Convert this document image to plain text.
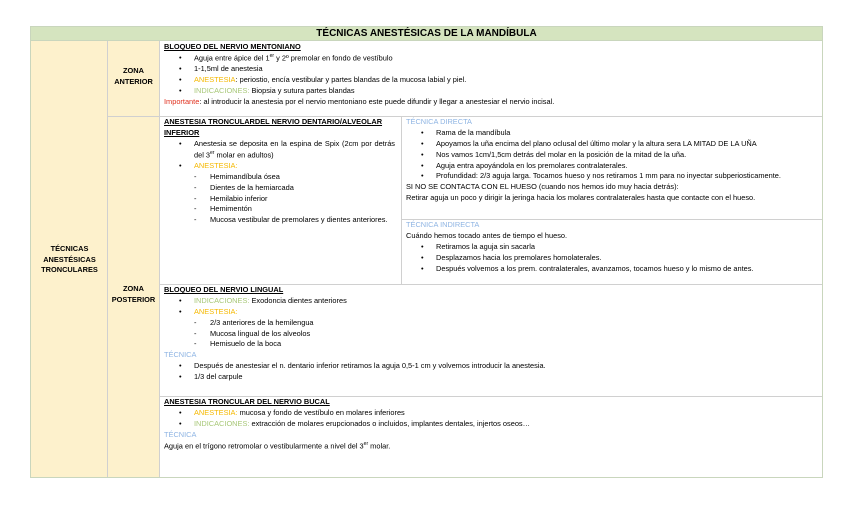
TÉCNICAS ANESTÉSICAS DE LA MANDÍBULA
TÉCNICAS
ANESTÉSICAS
TRONCULARES
ZONA
ANTERIOR
ZONA
POSTERIOR
BLOQUEO DEL NERVIO MENTONIANO
• Aguja entre ápice del 1er y 2º premolar en fondo de vestíbulo
• 1-1,5ml de anestesia
• ANESTESIA: periostio, encía vestibular y partes blandas de la mucosa labial y piel.
• INDICACIONES: Biopsia y sutura partes blandas
Importante: al introducir la anestesia por el nervio mentoniano este puede difundir y llegar a anestesiar el nervio incisal.
ANESTESIA TRONCULARDEL NERVIO DENTARIO/ALVEOLAR INFERIOR
• Anestesia se deposita en la espina de Spix (2cm por detrás del 3er molar en adultos)
• ANESTESIA:
- Hemimandíbula ósea
- Dientes de la hemiarcada
- Hemilabio inferior
- Hemimentón
- Mucosa vestibular de premolares y dientes anteriores.
TÉCNICA DIRECTA
• Rama de la mandíbula
• Apoyamos la uña encima del plano oclusal del último molar y la altura sera LA MITAD DE LA UÑA
• Nos vamos 1cm/1,5cm detrás del molar en la posición de la mitad de la uña.
• Aguja entra apoyándola en los premolares contralaterales.
• Profundidad: 2/3 aguja larga. Tocamos hueso y nos retiramos 1 mm para no inyectar subperiosticamente.
SI NO SE CONTACTA CON EL HUESO (cuando nos hemos ido muy hacia detrás):
Retirar aguja un poco y dirigir la jeringa hacia los molares contralaterales hasta que contacte con el hueso.
TÉCNICA INDIRECTA
Cuándo hemos tocado antes de tiempo el hueso.
• Retiramos la aguja sin sacarla
• Desplazamos hacia los premolares homolaterales.
• Después volvemos a los prem. contralaterales, avanzamos, tocamos hueso y lo mismo de antes.
BLOQUEO DEL NERVIO LINGUAL
• INDICACIONES: Exodoncia dientes anteriores
• ANESTESIA:
- 2/3 anteriores de la hemilengua
- Mucosa lingual de los alveolos
- Hemisuelo de la boca
TÉCNICA
• Después de anestesiar el n. dentario inferior retiramos la aguja 0,5-1 cm y volvemos introducir la anestesia.
• 1/3 del carpule
ANESTESIA TRONCULAR DEL NERVIO BUCAL
• ANESTESIA: mucosa y fondo de vestíbulo en molares inferiores
• INDICACIONES: extracción de molares erupcionados o incluidos, implantes dentales, injertos oseos…
TÉCNICA
Aguja en el trígono retromolar o vestibularmente a nivel del 3er molar.
